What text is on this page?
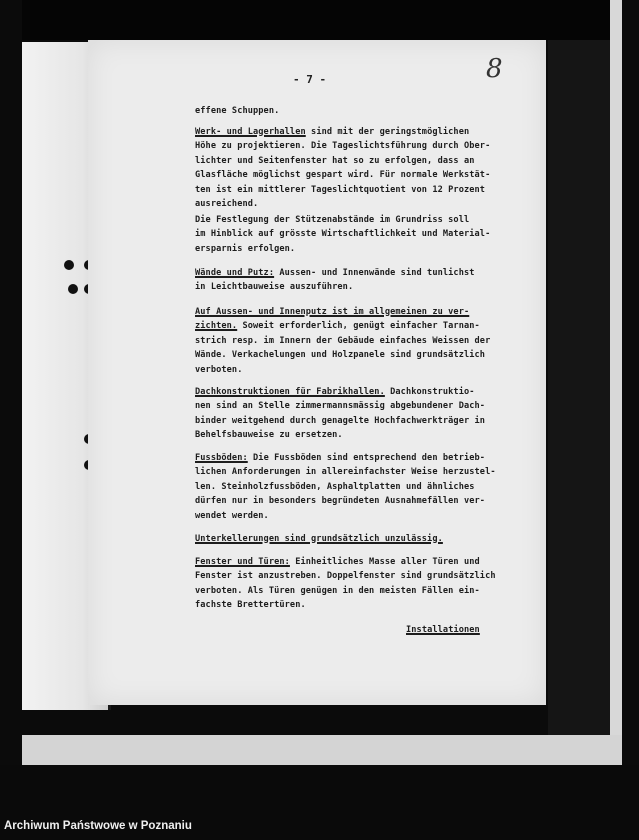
- 7 -	8

effene Schuppen.

Werk- und Lagerhallen sind mit der geringstmöglichen
Höhe zu projektieren. Die Tageslichtsführung durch Ober-
lichter und Seitenfenster hat so zu erfolgen, dass an
Glasfläche möglichst gespart wird. Für normale Werkstät-
ten ist ein mittlerer Tageslichtquotient von 12 Prozent
ausreichend.

Die Festlegung der Stützenabstände im Grundriss soll
im Hinblick auf grösste Wirtschaftlichkeit und Material-
ersparnis erfolgen.

Wände und Putz: Aussen- und Innenwände sind tunlichst
in Leichtbauweise auszuführen.

Auf Aussen- und Innenputz ist im allgemeinen zu ver-
zichten. Soweit erforderlich, genügt einfacher Tarnan-
strich resp. im Innern der Gebäude einfaches Weissen der
Wände. Verkachelungen und Holzpanele sind grundsätzlich
verboten.

Dachkonstruktionen für Fabrikhallen. Dachkonstruktio-
nen sind an Stelle zimmermannsmässig abgebundener Dach-
binder weitgehend durch genagelte Hochfachwerkträger in
Behelfsbauweise zu ersetzen.

Fussböden: Die Fussböden sind entsprechend den betrieb-
lichen Anforderungen in allereinfachster Weise herzustel-
len. Steinholzfussböden, Asphaltplatten und ähnliches
dürfen nur in besonders begründeten Ausnahmefällen ver-
wendet werden.

Unterkellerungen sind grundsätzlich unzulässig.

Fenster und Türen: Einheitliches Masse aller Türen und
Fenster ist anzustreben. Doppelfenster sind grundsätzlich
verboten. Als Türen genügen in den meisten Fällen ein-
fachste Brettertüren.

Installationen

Archiwum Państwowe w Poznaniu
